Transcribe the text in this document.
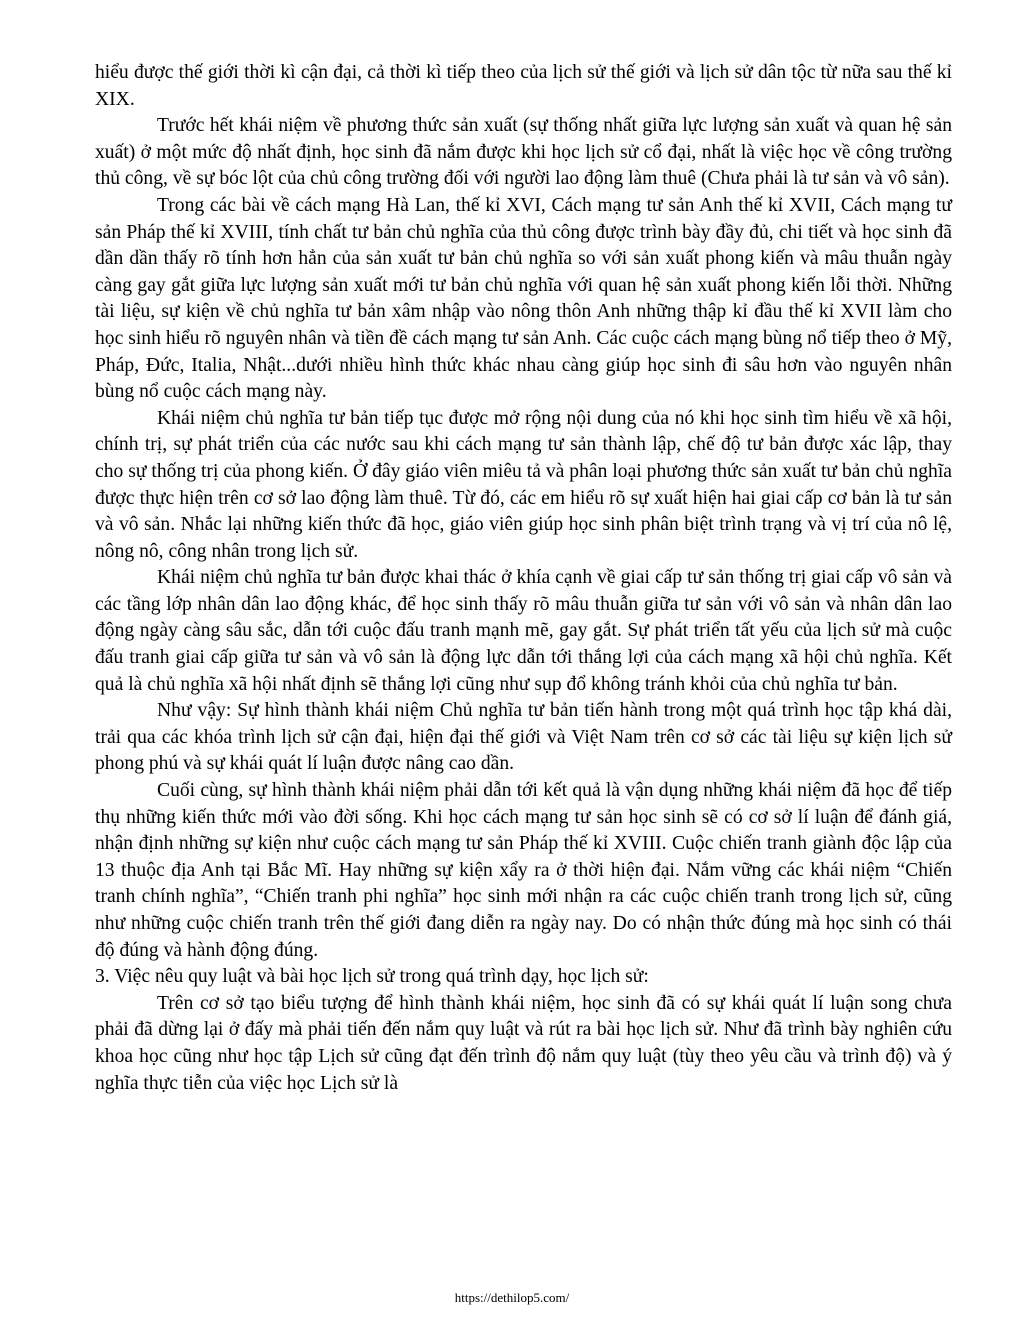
hiểu được thế giới thời kì cận đại, cả thời kì tiếp theo của lịch sử thế giới và lịch sử dân tộc từ nữa sau thế kỉ XIX.

Trước hết khái niệm về phương thức sản xuất (sự thống nhất giữa lực lượng sản xuất và quan hệ sản xuất) ở một mức độ nhất định, học sinh đã nắm được khi học lịch sử cổ đại, nhất là việc học về công trường thủ công, về sự bóc lột của chủ công trường đối với người lao động làm thuê (Chưa phải là tư sản và vô sản).

Trong các bài về cách mạng Hà Lan, thế kỉ XVI, Cách mạng tư sản Anh thế kỉ XVII, Cách mạng tư sản Pháp thế kỉ XVIII, tính chất tư bản chủ nghĩa của thủ công được trình bày đầy đủ, chi tiết và học sinh đã dần dần thấy rõ tính hơn hẳn của sản xuất tư bản chủ nghĩa so với sản xuất phong kiến và mâu thuẫn ngày càng gay gắt giữa lực lượng sản xuất mới tư bản chủ nghĩa với quan hệ sản xuất phong kiến lỗi thời. Những tài liệu, sự kiện về chủ nghĩa tư bản xâm nhập vào nông thôn Anh những thập kỉ đầu thế kỉ XVII làm cho học sinh hiểu rõ nguyên nhân và tiền đề cách mạng tư sản Anh. Các cuộc cách mạng bùng nổ tiếp theo ở Mỹ, Pháp, Đức, Italia, Nhật...dưới nhiều hình thức khác nhau càng giúp học sinh đi sâu hơn vào nguyên nhân bùng nổ cuộc cách mạng này.

Khái niệm chủ nghĩa tư bản tiếp tục được mở rộng nội dung của nó khi học sinh tìm hiểu về xã hội, chính trị, sự phát triển của các nước sau khi cách mạng tư sản thành lập, chế độ tư bản được xác lập, thay cho sự thống trị của phong kiến. Ở đây giáo viên miêu tả và phân loại phương thức sản xuất tư bản chủ nghĩa được thực hiện trên cơ sở lao động làm thuê. Từ đó, các em hiểu rõ sự xuất hiện hai giai cấp cơ bản là tư sản và vô sản. Nhắc lại những kiến thức đã học, giáo viên giúp học sinh phân biệt trình trạng và vị trí của nô lệ, nông nô, công nhân trong lịch sử.

Khái niệm chủ nghĩa tư bản được khai thác ở khía cạnh về giai cấp tư sản thống trị giai cấp vô sản và các tầng lớp nhân dân lao động khác, để học sinh thấy rõ mâu thuẫn giữa tư sản với vô sản và nhân dân lao động ngày càng sâu sắc, dẫn tới cuộc đấu tranh mạnh mẽ, gay gắt. Sự phát triển tất yếu của lịch sử mà cuộc đấu tranh giai cấp giữa tư sản và vô sản là động lực dẫn tới thắng lợi của cách mạng xã hội chủ nghĩa. Kết quả là chủ nghĩa xã hội nhất định sẽ thắng lợi cũng như sụp đổ không tránh khỏi của chủ nghĩa tư bản.

Như vậy: Sự hình thành khái niệm Chủ nghĩa tư bản tiến hành trong một quá trình học tập khá dài, trải qua các khóa trình lịch sử cận đại, hiện đại thế giới và Việt Nam trên cơ sở các tài liệu sự kiện lịch sử phong phú và sự khái quát lí luận được nâng cao dần.

Cuối cùng, sự hình thành khái niệm phải dẫn tới kết quả là vận dụng những khái niệm đã học để tiếp thụ những kiến thức mới vào đời sống. Khi học cách mạng tư sản học sinh sẽ có cơ sở lí luận để đánh giá, nhận định những sự kiện như cuộc cách mạng tư sản Pháp thế kỉ XVIII. Cuộc chiến tranh giành độc lập của 13 thuộc địa Anh tại Bắc Mĩ. Hay những sự kiện xẩy ra ở thời hiện đại. Nắm vững các khái niệm “Chiến tranh chính nghĩa”, “Chiến tranh phi nghĩa” học sinh mới nhận ra các cuộc chiến tranh trong lịch sử, cũng như những cuộc chiến tranh trên thế giới đang diễn ra ngày nay. Do có nhận thức đúng mà học sinh có thái độ đúng và hành động đúng.

3. Việc nêu quy luật và bài học lịch sử trong quá trình dạy, học lịch sử:

Trên cơ sở tạo biểu tượng để hình thành khái niệm, học sinh đã có sự khái quát lí luận song chưa phải đã dừng lại ở đấy mà phải tiến đến nắm quy luật và rút ra bài học lịch sử. Như đã trình bày nghiên cứu khoa học cũng như học tập Lịch sử cũng đạt đến trình độ nắm quy luật (tùy theo yêu cầu và trình độ) và ý nghĩa thực tiễn của việc học Lịch sử là

https://dethilop5.com/
